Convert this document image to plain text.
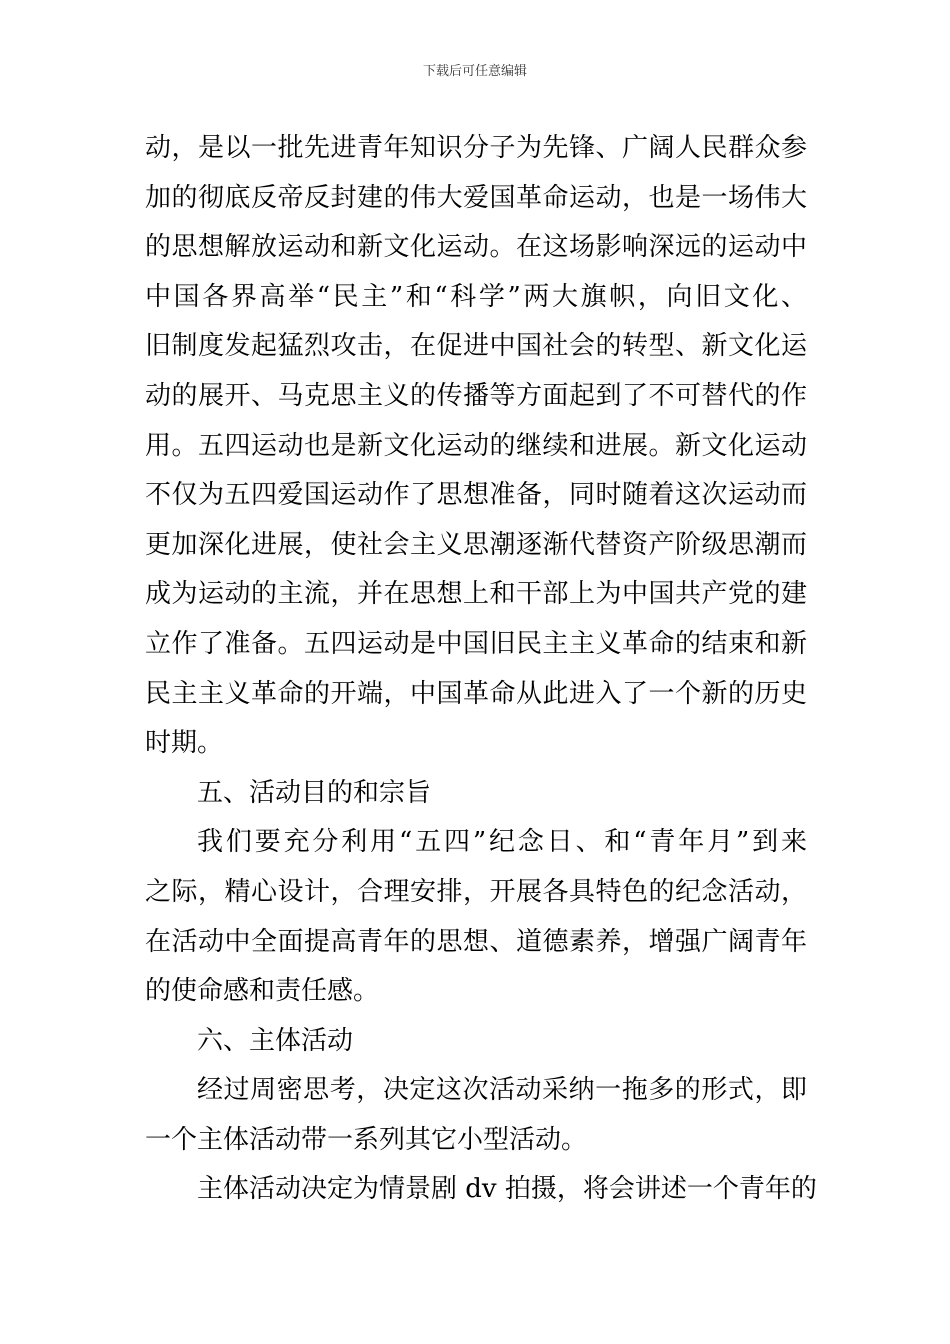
下载后可任意编辑
动，是以一批先进青年知识分子为先锋、广阔人民群众参
加的彻底反帝反封建的伟大爱国革命运动，也是一场伟大
的思想解放运动和新文化运动。在这场影响深远的运动中
中国各界高举“民主”和“科学”两大旗帜，向旧文化、
旧制度发起猛烈攻击，在促进中国社会的转型、新文化运
动的展开、马克思主义的传播等方面起到了不可替代的作
用。五四运动也是新文化运动的继续和进展。新文化运动
不仅为五四爱国运动作了思想准备，同时随着这次运动而
更加深化进展，使社会主义思潮逐渐代替资产阶级思潮而
成为运动的主流，并在思想上和干部上为中国共产党的建
立作了准备。五四运动是中国旧民主主义革命的结束和新
民主主义革命的开端，中国革命从此进入了一个新的历史
时期。
五、活动目的和宗旨
我们要充分利用“五四”纪念日、和“青年月”到来
之际，精心设计，合理安排，开展各具特色的纪念活动，
在活动中全面提高青年的思想、道德素养，增强广阔青年
的使命感和责任感。
六、主体活动
经过周密思考，决定这次活动采纳一拖多的形式，即
一个主体活动带一系列其它小型活动。
主体活动决定为情景剧 dv 拍摄，将会讲述一个青年的
